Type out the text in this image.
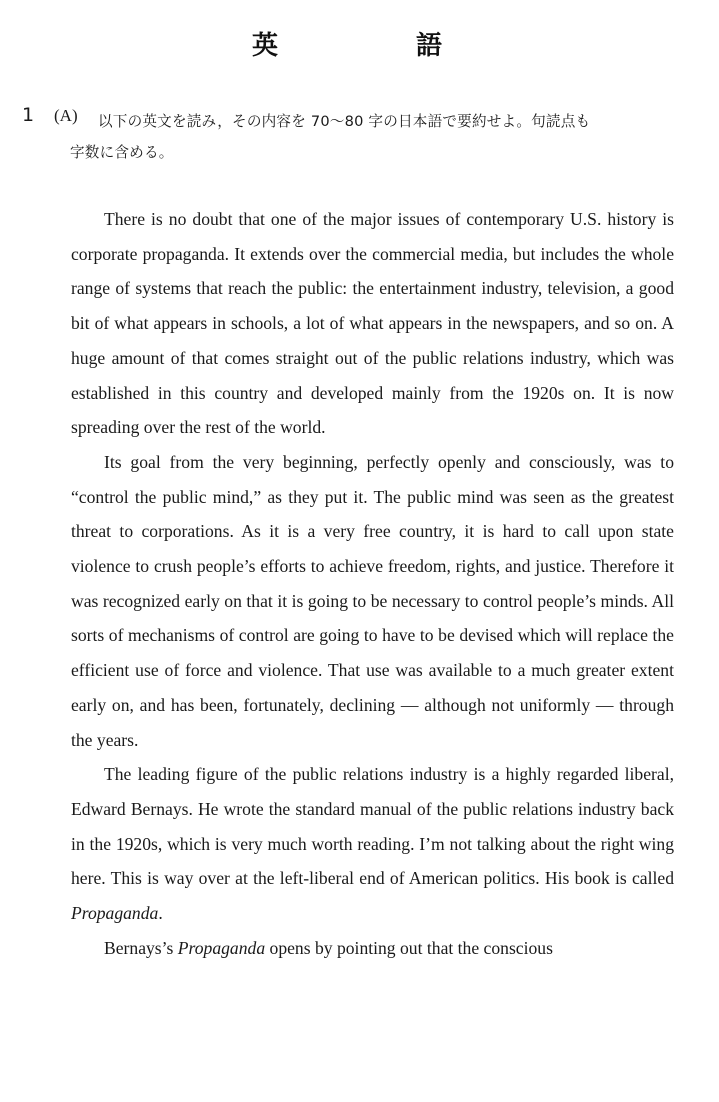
英	語
1 (A) 以下の英文を読み，その内容を 70〜80 字の日本語で要約せよ。句読点も
字数に含める。

There is no doubt that one of the major issues of contemporary U.S. history is corporate propaganda. It extends over the commercial media, but includes the whole range of systems that reach the public: the entertainment industry, television, a good bit of what appears in schools, a lot of what appears in the newspapers, and so on. A huge amount of that comes straight out of the public relations industry, which was established in this country and developed mainly from the 1920s on. It is now spreading over the rest of the world.

Its goal from the very beginning, perfectly openly and consciously, was to “control the public mind,” as they put it. The public mind was seen as the greatest threat to corporations. As it is a very free country, it is hard to call upon state violence to crush people’s efforts to achieve freedom, rights, and justice. Therefore it was recognized early on that it is going to be necessary to control people’s minds. All sorts of mechanisms of control are going to have to be devised which will replace the efficient use of force and violence. That use was available to a much greater extent early on, and has been, fortunately, declining — although not uniformly — through the years.

The leading figure of the public relations industry is a highly regarded liberal, Edward Bernays. He wrote the standard manual of the public relations industry back in the 1920s, which is very much worth reading. I’m not talking about the right wing here. This is way over at the left-liberal end of American politics. His book is called Propaganda.

Bernays’s Propaganda opens by pointing out that the conscious
